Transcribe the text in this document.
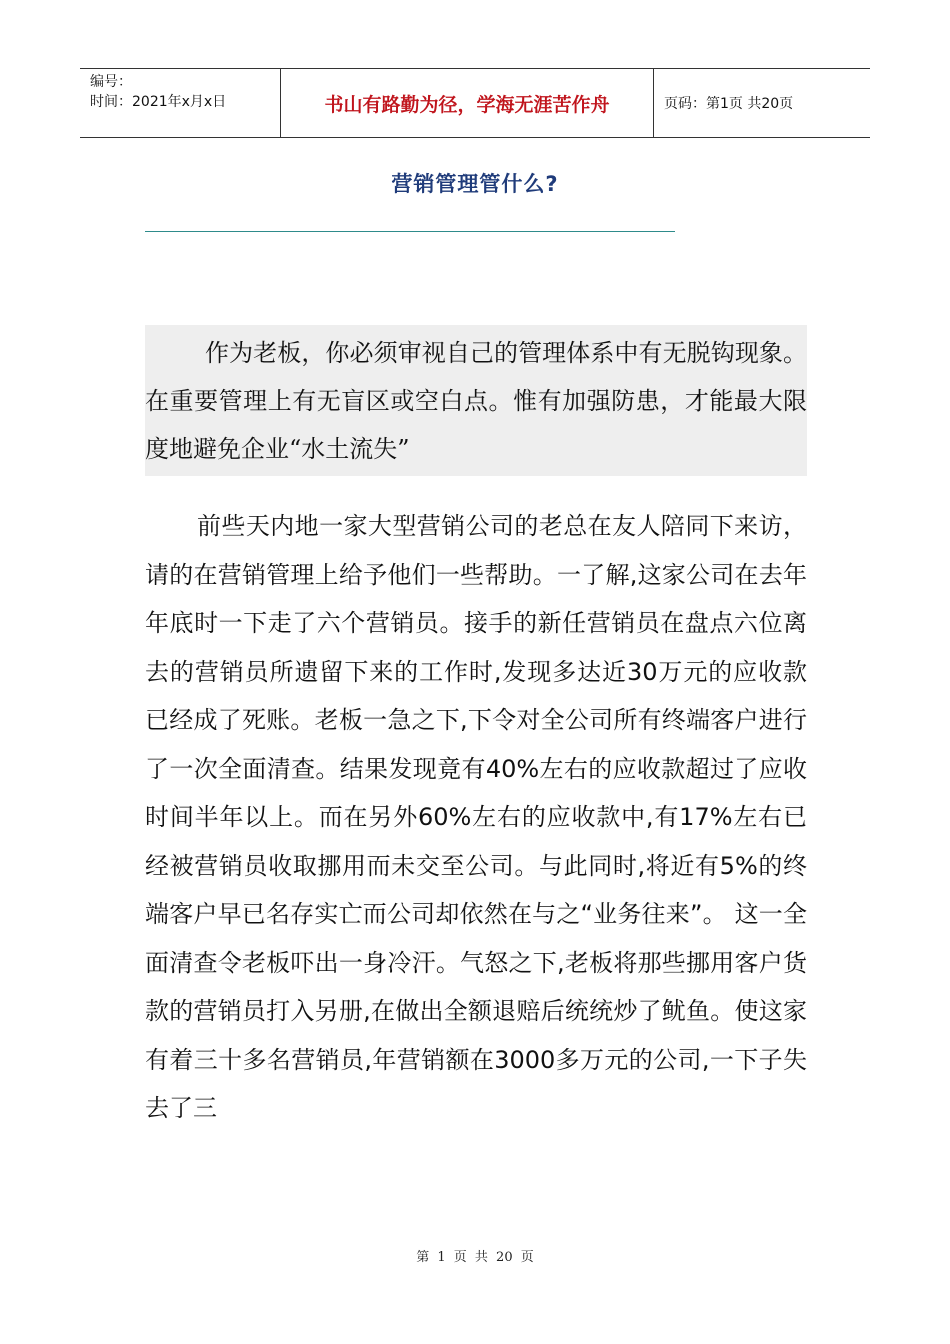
编号：
时间：2021年x月x日	书山有路勤为径，学海无涯苦作舟	页码：第1页 共20页
营销管理管什么?
作为老板，你必须审视自己的管理体系中有无脱钩现象。在重要管理上有无盲区或空白点。惟有加强防患，才能最大限度地避免企业“水土流失”

前些天内地一家大型营销公司的老总在友人陪同下来访，请的在营销管理上给予他们一些帮助。一了解,这家公司在去年年底时一下走了六个营销员。接手的新任营销员在盘点六位离去的营销员所遗留下来的工作时,发现多达近30万元的应收款已经成了死账。老板一急之下,下令对全公司所有终端客户进行了一次全面清查。结果发现竟有40%左右的应收款超过了应收时间半年以上。而在另外60%左右的应收款中,有17%左右已经被营销员收取挪用而未交至公司。与此同时,将近有5%的终端客户早已名存实亡而公司却依然在与之“业务往来”。 这一全面清查令老板吓出一身冷汗。气怒之下,老板将那些挪用客户货款的营销员打入另册,在做出全额退赔后统统炒了鱿鱼。使这家有着三十多名营销员,年营销额在3000多万元的公司,一下子失去了三

第 1 页 共 20 页
